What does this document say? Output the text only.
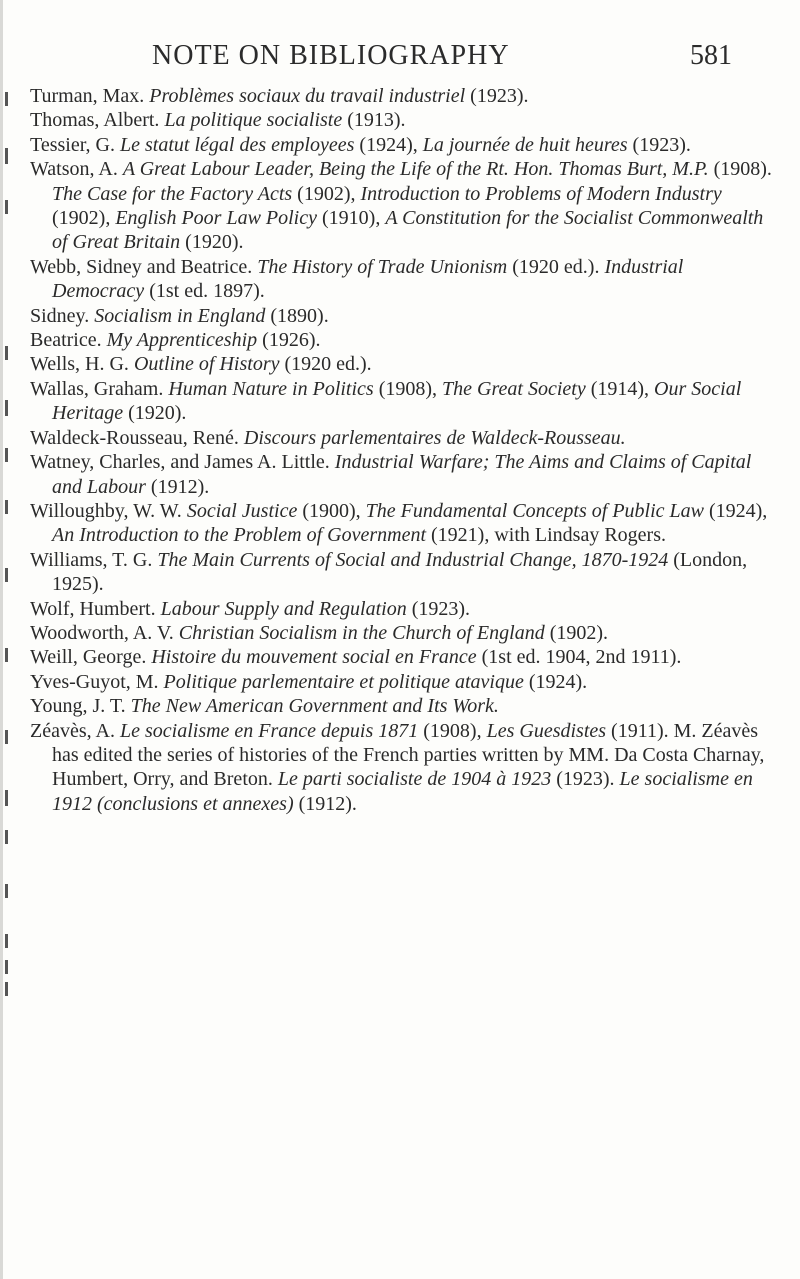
NOTE ON BIBLIOGRAPHY	581

Turman, Max. Problèmes sociaux du travail industriel (1923).

Thomas, Albert. La politique socialiste (1913).

Tessier, G. Le statut légal des employees (1924), La journée de huit heures (1923).

Watson, A. A Great Labour Leader, Being the Life of the Rt. Hon. Thomas Burt, M.P. (1908). The Case for the Factory Acts (1902), Introduction to Problems of Modern Industry (1902), English Poor Law Policy (1910), A Constitution for the Socialist Commonwealth of Great Britain (1920).

Webb, Sidney and Beatrice. The History of Trade Unionism (1920 ed.). Industrial Democracy (1st ed. 1897).

Sidney. Socialism in England (1890).

Beatrice. My Apprenticeship (1926).

Wells, H. G. Outline of History (1920 ed.).

Wallas, Graham. Human Nature in Politics (1908), The Great Society (1914), Our Social Heritage (1920).

Waldeck-Rousseau, René. Discours parlementaires de Waldeck-Rousseau.

Watney, Charles, and James A. Little. Industrial Warfare; The Aims and Claims of Capital and Labour (1912).

Willoughby, W. W. Social Justice (1900), The Fundamental Concepts of Public Law (1924), An Introduction to the Problem of Government (1921), with Lindsay Rogers.

Williams, T. G. The Main Currents of Social and Industrial Change, 1870-1924 (London, 1925).

Wolf, Humbert. Labour Supply and Regulation (1923).

Woodworth, A. V. Christian Socialism in the Church of England (1902).

Weill, George. Histoire du mouvement social en France (1st ed. 1904, 2nd 1911).

Yves-Guyot, M. Politique parlementaire et politique atavique (1924).

Young, J. T. The New American Government and Its Work.

Zéavès, A. Le socialisme en France depuis 1871 (1908), Les Guesdistes (1911). M. Zéavès has edited the series of histories of the French parties written by MM. Da Costa Charnay, Humbert, Orry, and Breton. Le parti socialiste de 1904 à 1923 (1923). Le socialisme en 1912 (conclusions et annexes) (1912).
